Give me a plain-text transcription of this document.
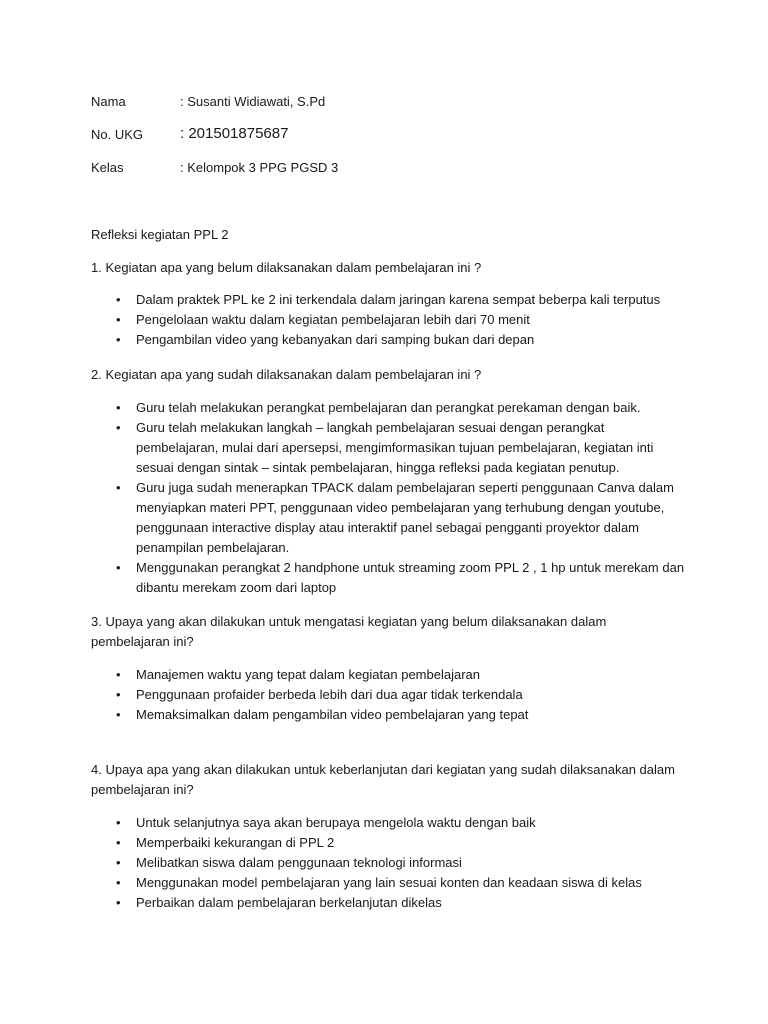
Nama	: Susanti Widiawati, S.Pd
No. UKG : 201501875687
Kelas	: Kelompok 3 PPG PGSD 3
Refleksi kegiatan PPL 2
1. Kegiatan apa yang belum dilaksanakan dalam pembelajaran ini ?
• Dalam praktek PPL ke 2 ini terkendala dalam jaringan karena sempat beberpa kali terputus
• Pengelolaan waktu dalam kegiatan pembelajaran lebih dari 70 menit
• Pengambilan video yang kebanyakan dari samping bukan dari depan
2. Kegiatan apa yang sudah dilaksanakan dalam pembelajaran ini ?
• Guru telah melakukan perangkat pembelajaran dan perangkat perekaman dengan baik.
• Guru telah melakukan langkah – langkah pembelajaran sesuai dengan perangkat pembelajaran, mulai dari apersepsi, mengimformasikan tujuan pembelajaran, kegiatan inti sesuai dengan sintak – sintak pembelajaran, hingga refleksi pada kegiatan penutup.
• Guru juga sudah menerapkan TPACK dalam pembelajaran seperti penggunaan Canva dalam menyiapkan materi PPT, penggunaan video pembelajaran yang terhubung dengan youtube, penggunaan interactive display atau interaktif panel sebagai pengganti proyektor dalam penampilan pembelajaran.
• Menggunakan perangkat 2 handphone untuk streaming zoom PPL 2 , 1 hp untuk merekam dan dibantu merekam zoom dari laptop
3. Upaya yang akan dilakukan untuk mengatasi kegiatan yang belum dilaksanakan dalam pembelajaran ini?
• Manajemen waktu yang tepat dalam kegiatan pembelajaran
• Penggunaan profaider berbeda lebih dari dua agar tidak terkendala
• Memaksimalkan dalam pengambilan video pembelajaran yang tepat
4. Upaya apa yang akan dilakukan untuk keberlanjutan dari kegiatan yang sudah dilaksanakan dalam pembelajaran ini?
• Untuk selanjutnya saya akan berupaya mengelola waktu dengan baik
• Memperbaiki kekurangan di PPL 2
• Melibatkan siswa dalam penggunaan teknologi informasi
• Menggunakan model pembelajaran yang lain sesuai konten dan keadaan siswa di kelas
• Perbaikan dalam pembelajaran berkelanjutan dikelas
